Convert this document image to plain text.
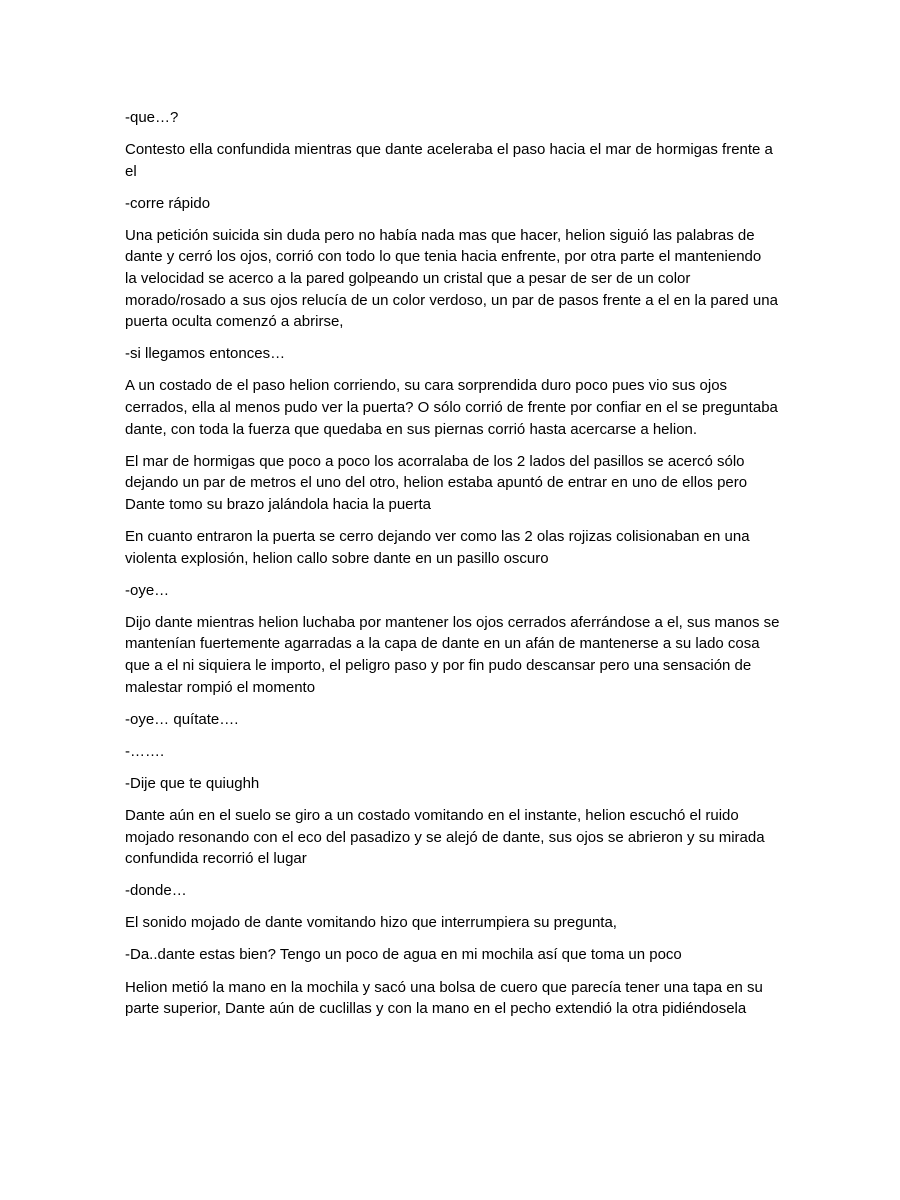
-que…?

Contesto ella confundida mientras que dante aceleraba el paso hacia el mar de hormigas frente a
el

-corre rápido

Una petición suicida sin duda pero no había nada mas que hacer, helion siguió las palabras de
dante y cerró los ojos, corrió con todo lo que tenia hacia enfrente, por otra parte el manteniendo
la velocidad se acerco a la pared golpeando un cristal que a pesar de ser de un color
morado/rosado a sus ojos relucía de un color verdoso, un par de pasos frente a el en la pared una
puerta oculta comenzó a abrirse,

-si llegamos entonces…

A un costado de el paso helion corriendo, su cara sorprendida duro poco pues vio sus ojos
cerrados, ella al menos pudo ver la puerta? O sólo corrió de frente por confiar en el se preguntaba
dante, con toda la fuerza que quedaba en sus piernas corrió hasta acercarse a helion.

El mar de hormigas que poco a poco los acorralaba de los 2 lados del pasillos se acercó sólo
dejando un par de metros el uno del otro, helion estaba apuntó de entrar en uno de ellos pero
Dante tomo su brazo jalándola hacia la puerta

En cuanto entraron la puerta se cerro dejando ver como las 2 olas rojizas colisionaban en una
violenta explosión, helion callo sobre dante en un pasillo oscuro

-oye…

Dijo dante mientras helion luchaba por mantener los ojos cerrados aferrándose a el, sus manos se
mantenían fuertemente agarradas a la capa de dante en un afán de mantenerse a su lado cosa
que a el ni siquiera le importo, el peligro paso y por fin pudo descansar pero una sensación de
malestar rompió el momento

-oye… quítate….

-…….

-Dije que te quiughh

Dante aún en el suelo se giro a un costado vomitando en el instante, helion escuchó el ruido
mojado resonando con el eco del pasadizo y se alejó de dante, sus ojos se abrieron y su mirada
confundida recorrió el lugar

-donde…

El sonido mojado de dante vomitando hizo que interrumpiera su pregunta,

-Da..dante estas bien? Tengo un poco de agua en mi mochila así que toma un poco

Helion metió la mano en la mochila y sacó una bolsa de cuero que parecía tener una tapa en su
parte superior, Dante aún de cuclillas y con la mano en el pecho extendió la otra pidiéndosela
